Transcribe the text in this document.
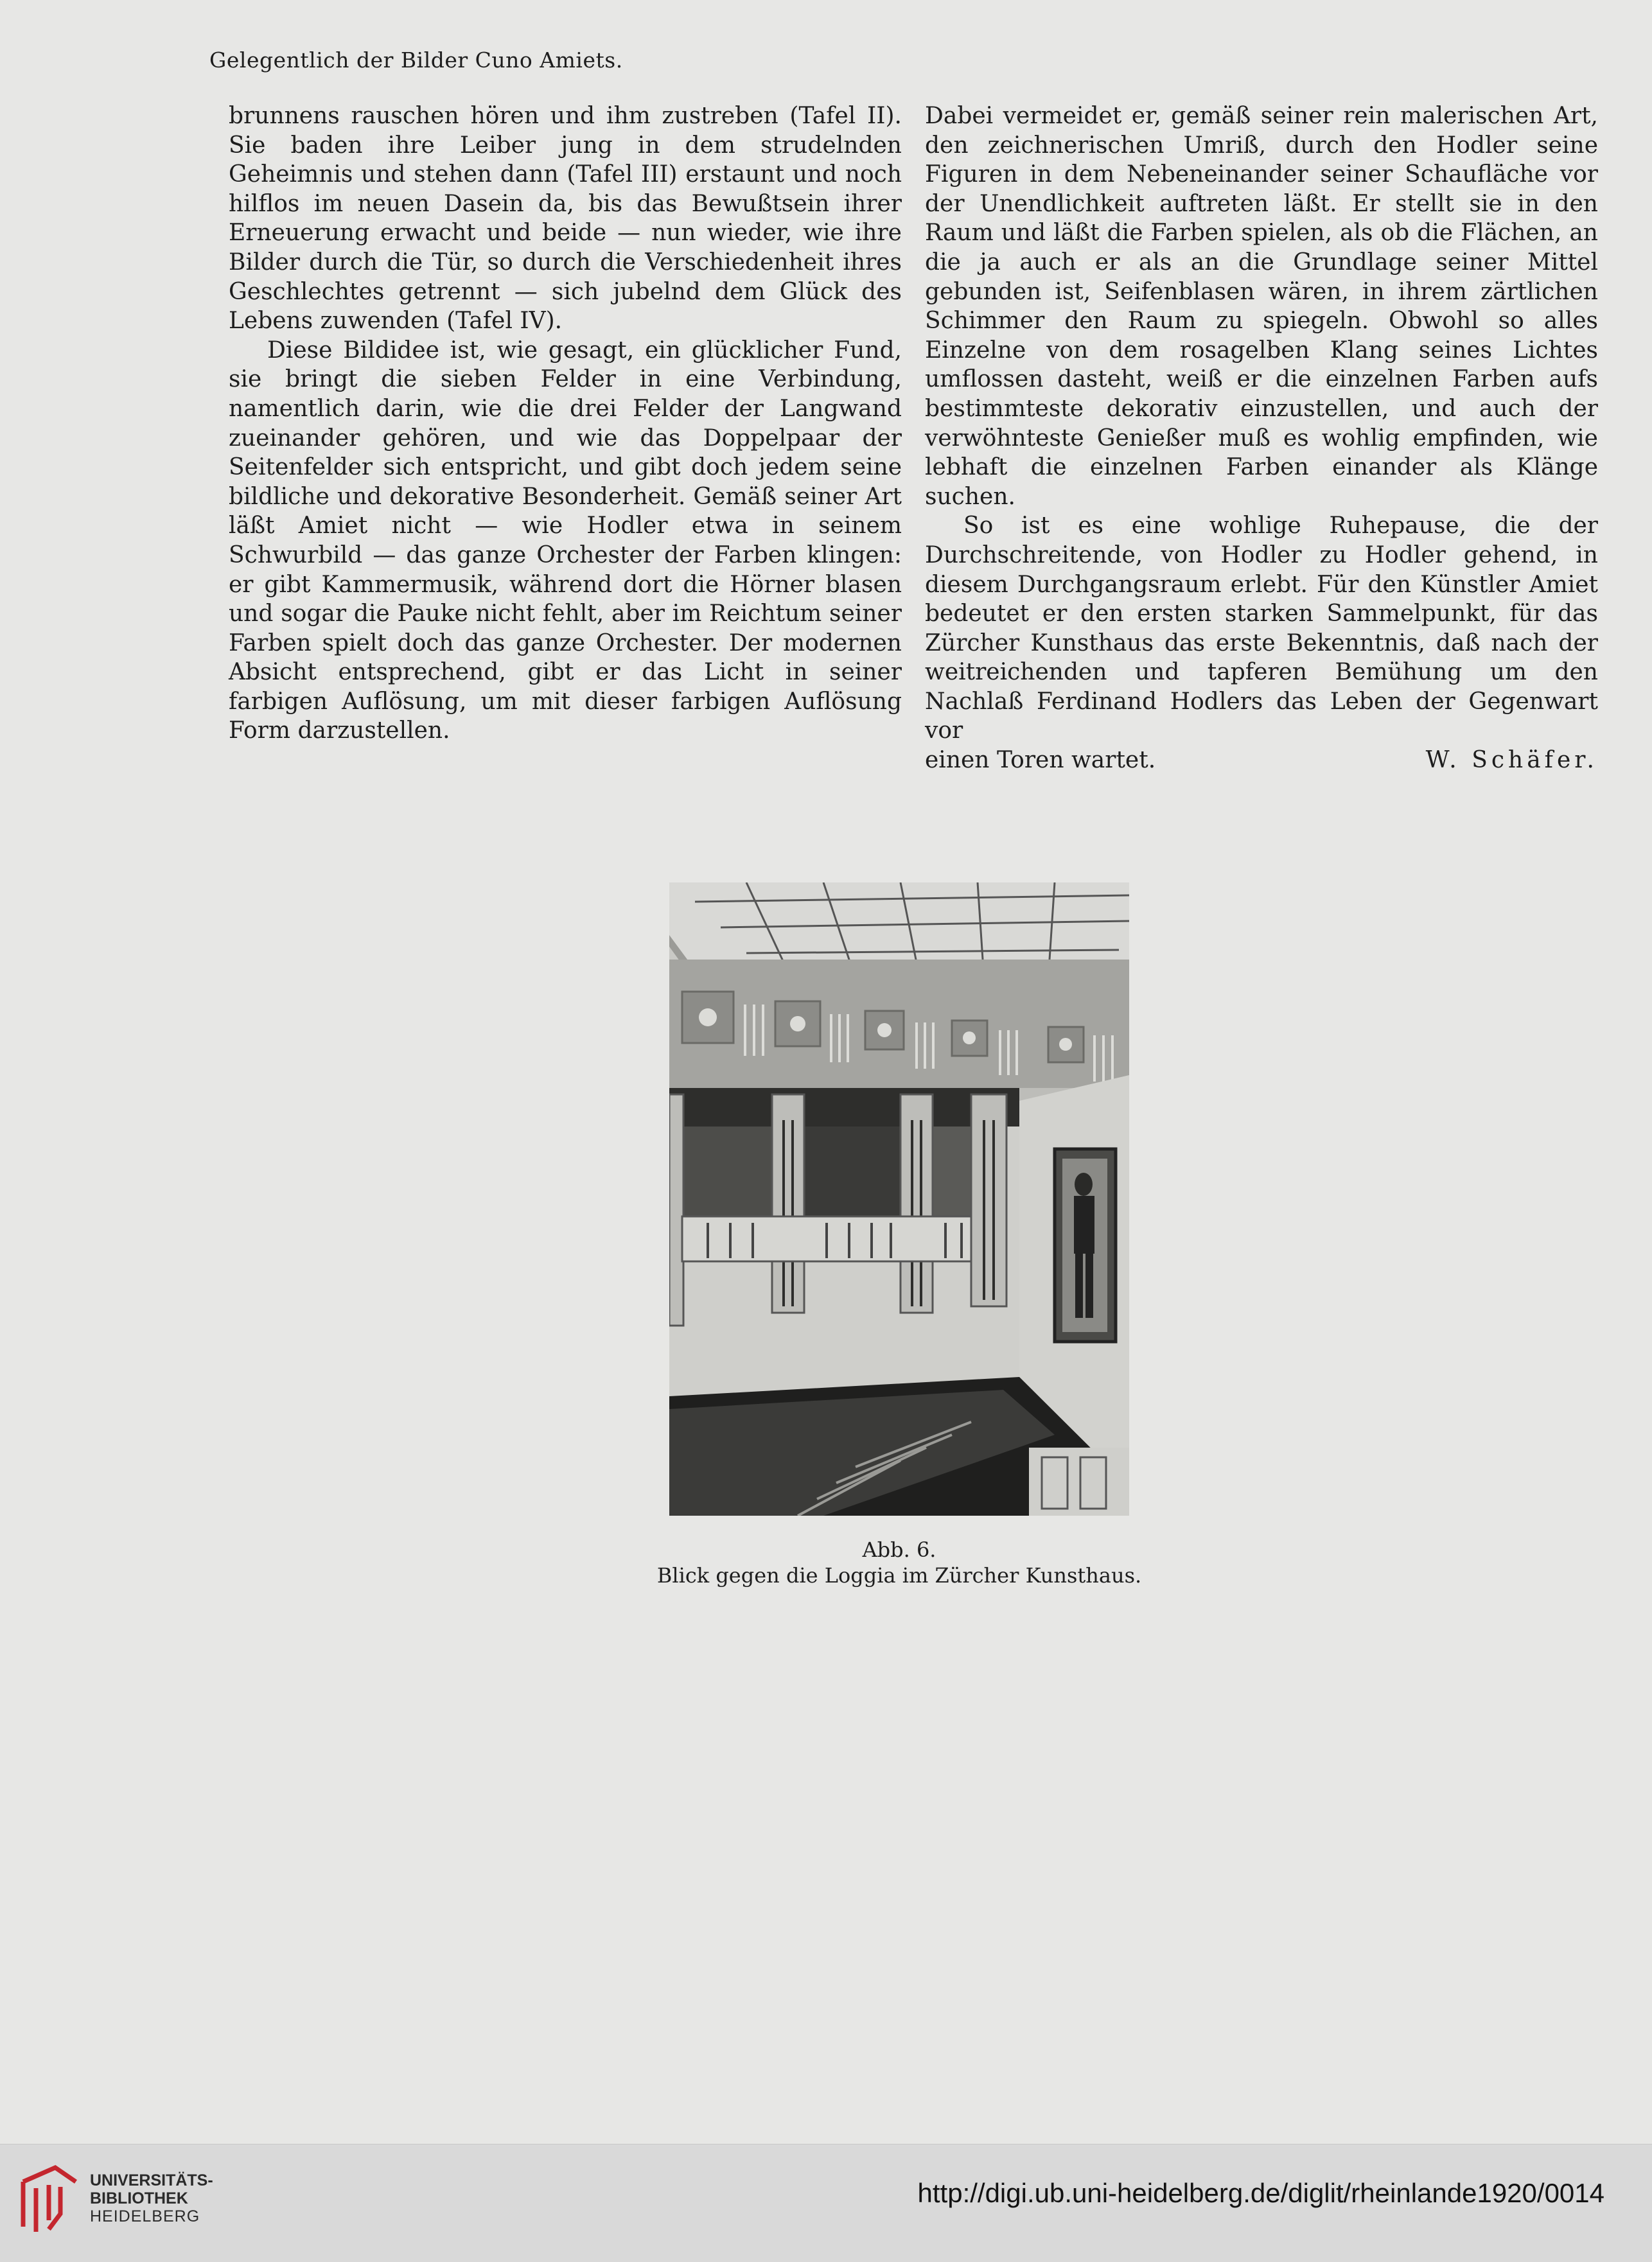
Gelegentlich der Bilder Cuno Amiets.

brunnens rauschen hören und ihm zustreben (Tafel II). Sie baden ihre Leiber jung in dem strudelnden Geheimnis und stehen dann (Tafel III) erstaunt und noch hilflos im neuen Dasein da, bis das Bewußtsein ihrer Erneuerung erwacht und beide — nun wieder, wie ihre Bilder durch die Tür, so durch die Verschiedenheit ihres Geschlechtes getrennt — sich jubelnd dem Glück des Lebens zuwenden (Tafel IV).

Diese Bildidee ist, wie gesagt, ein glücklicher Fund, sie bringt die sieben Felder in eine Verbindung, namentlich darin, wie die drei Felder der Langwand zueinander gehören, und wie das Doppelpaar der Seitenfelder sich entspricht, und gibt doch jedem seine bildliche und dekorative Besonderheit. Gemäß seiner Art läßt Amiet nicht — wie Hodler etwa in seinem Schwurbild — das ganze Orchester der Farben klingen: er gibt Kammermusik, während dort die Hörner blasen und sogar die Pauke nicht fehlt, aber im Reichtum seiner Farben spielt doch das ganze Orchester. Der modernen Absicht entsprechend, gibt er das Licht in seiner farbigen Auflösung, um mit dieser farbigen Auflösung Form darzustellen.

Dabei vermeidet er, gemäß seiner rein malerischen Art, den zeichnerischen Umriß, durch den Hodler seine Figuren in dem Nebeneinander seiner Schaufläche vor der Unendlichkeit auftreten läßt. Er stellt sie in den Raum und läßt die Farben spielen, als ob die Flächen, an die ja auch er als an die Grundlage seiner Mittel gebunden ist, Seifenblasen wären, in ihrem zärtlichen Schimmer den Raum zu spiegeln. Obwohl so alles Einzelne von dem rosagelben Klang seines Lichtes umflossen dasteht, weiß er die einzelnen Farben aufs bestimmteste dekorativ einzustellen, und auch der verwöhnteste Genießer muß es wohlig empfinden, wie lebhaft die einzelnen Farben einander als Klänge suchen.

So ist es eine wohlige Ruhepause, die der Durchschreitende, von Hodler zu Hodler gehend, in diesem Durchgangsraum erlebt. Für den Künstler Amiet bedeutet er den ersten starken Sammelpunkt, für das Zürcher Kunsthaus das erste Bekenntnis, daß nach der weitreichenden und tapferen Bemühung um den Nachlaß Ferdinand Hodlers das Leben der Gegenwart vor

einen Toren wartet.	W. Schäfer.
Abb. 6.
Blick gegen die Loggia im Zürcher Kunsthaus.
UNIVERSITÄTS-
BIBLIOTHEK
HEIDELBERG
http://digi.ub.uni-heidelberg.de/diglit/rheinlande1920/0014
